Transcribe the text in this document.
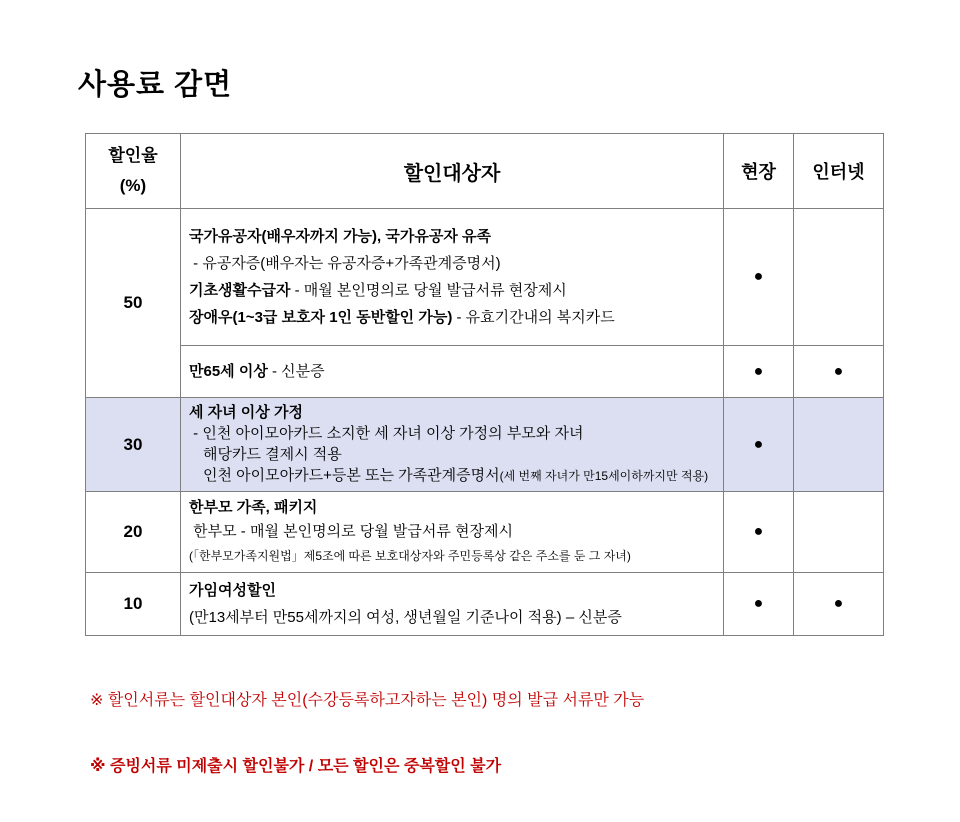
사용료 감면
할인율
(%)	할인대상자	현장	인터넷
50	국가유공자(배우자까지 가능), 국가유공자 유족
- 유공자증(배우자는 유공자증+가족관계증명서)
기초생활수급자 - 매월 본인명의로 당월 발급서류 현장제시
장애우(1~3급 보호자 1인 동반할인 가능) - 유효기간내의 복지카드	●	

	만65세 이상 - 신분증	●	●
30	세 자녀 이상 가정
- 인천 아이모아카드 소지한 세 자녀 이상 가정의 부모와 자녀
해당카드 결제시 적용
인천 아이모아카드+등본 또는 가족관계증명서(세 번째 자녀가 만15세이하까지만 적용)	●	
20	한부모 가족, 패키지
한부모 - 매월 본인명의로 당월 발급서류 현장제시
(「한부모가족지원법」제5조에 따른 보호대상자와 주민등록상 같은 주소를 둔 그 자녀)	●	
10	가임여성할인
(만13세부터 만55세까지의 여성, 생년월일 기준나이 적용) – 신분증	●	●

※ 할인서류는 할인대상자 본인(수강등록하고자하는 본인) 명의 발급 서류만 가능

※ 증빙서류 미제출시 할인불가 / 모든 할인은 중복할인 불가
